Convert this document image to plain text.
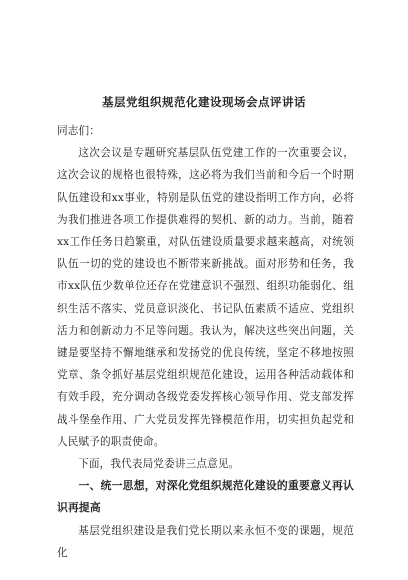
基层党组织规范化建设现场会点评讲话

同志们：

这次会议是专题研究基层队伍党建工作的一次重要会议，这次会议的规格也很特殊，这必将为我们当前和今后一个时期队伍建设和xx事业，特别是队伍党的建设指明工作方向，必将为我们推进各项工作提供难得的契机、新的动力。当前，随着xx工作任务日趋繁重，对队伍建设质量要求越来越高，对统领队伍一切的党的建设也不断带来新挑战。面对形势和任务，我市xx队伍少数单位还存在党建意识不强烈、组织功能弱化、组织生活不落实、党员意识淡化、书记队伍素质不适应、党组织活力和创新动力不足等问题。我认为，解决这些突出问题，关键是要坚持不懈地继承和发扬党的优良传统，坚定不移地按照党章、条令抓好基层党组织规范化建设，运用各种活动载体和有效手段，充分调动各级党委发挥核心领导作用、党支部发挥战斗堡垒作用、广大党员发挥先锋模范作用，切实担负起党和人民赋予的职责使命。

下面，我代表局党委讲三点意见。

一、统一思想，对深化党组织规范化建设的重要意义再认识再提高

基层党组织建设是我们党长期以来永恒不变的课题，规范化
